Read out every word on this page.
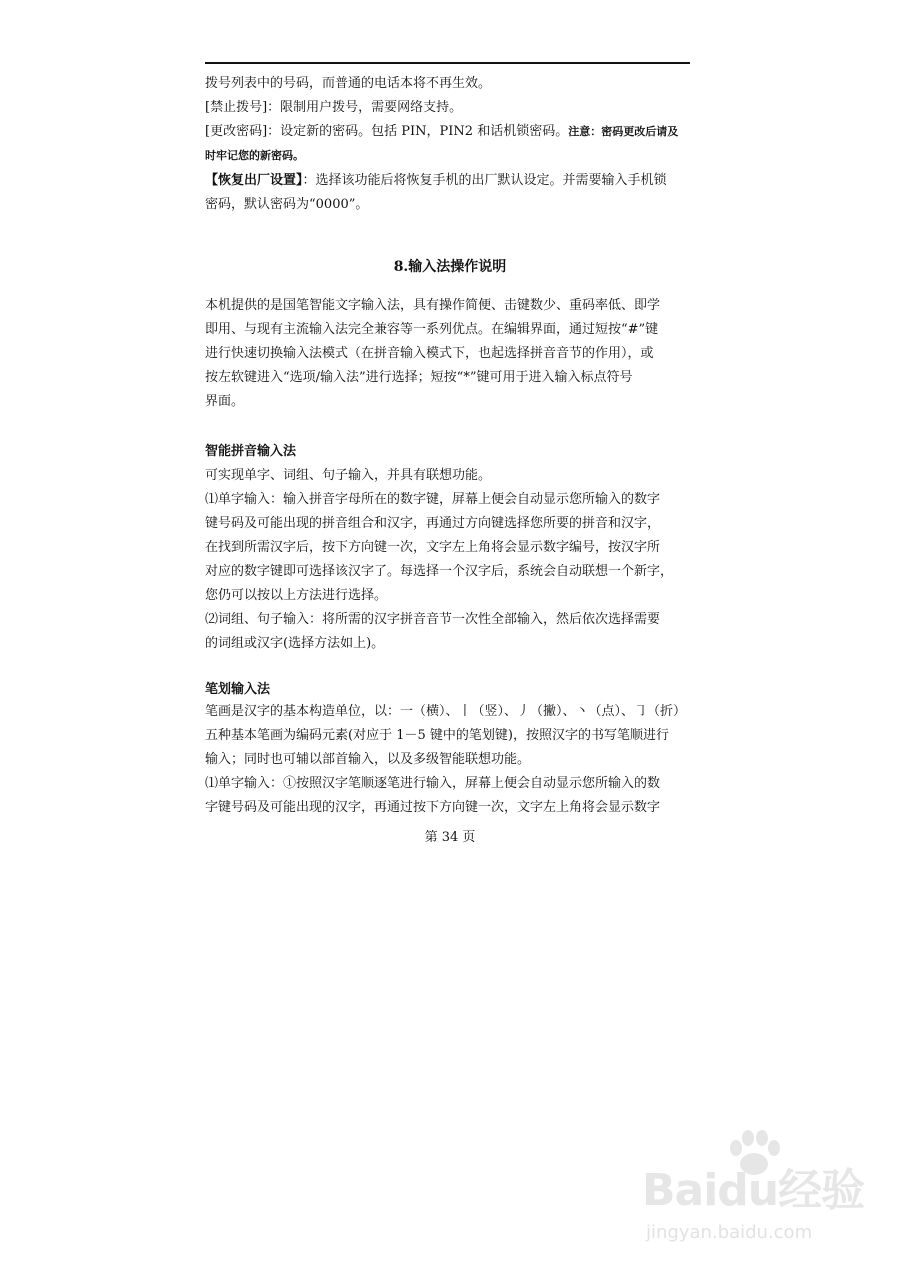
拨号列表中的号码，而普通的电话本将不再生效。
[禁止拨号]：限制用户拨号，需要网络支持。
[更改密码]：设定新的密码。包括 PIN，PIN2 和话机锁密码。注意：密码更改后请及
时牢记您的新密码。
【恢复出厂设置】：选择该功能后将恢复手机的出厂默认设定。并需要输入手机锁
密码，默认密码为“0000”。
8.输入法操作说明
本机提供的是国笔智能文字输入法，具有操作简便、击键数少、重码率低、即学
即用、与现有主流输入法完全兼容等一系列优点。在编辑界面，通过短按“#”键
进行快速切换输入法模式（在拼音输入模式下，也起选择拼音音节的作用），或
按左软键进入“选项/输入法”进行选择；短按“*”键可用于进入输入标点符号
界面。
智能拼音输入法
可实现单字、词组、句子输入，并具有联想功能。
⑴单字输入：输入拼音字母所在的数字键，屏幕上便会自动显示您所输入的数字
键号码及可能出现的拼音组合和汉字，再通过方向键选择您所要的拼音和汉字，
在找到所需汉字后，按下方向键一次，文字左上角将会显示数字编号，按汉字所
对应的数字键即可选择该汉字了。每选择一个汉字后，系统会自动联想一个新字，
您仍可以按以上方法进行选择。
⑵词组、句子输入：将所需的汉字拼音音节一次性全部输入，然后依次选择需要
的词组或汉字(选择方法如上)。
笔划输入法
笔画是汉字的基本构造单位，以：一（横）、丨（竖）、丿（撇）、丶（点）、㇆（折）
五种基本笔画为编码元素(对应于 1－5 键中的笔划键)，按照汉字的书写笔顺进行
输入；同时也可辅以部首输入，以及多级智能联想功能。
⑴单字输入：①按照汉字笔顺逐笔进行输入，屏幕上便会自动显示您所输入的数
字键号码及可能出现的汉字，再通过按下方向键一次，文字左上角将会显示数字
第 34 页
Baidu经验
jingyan.baidu.com
